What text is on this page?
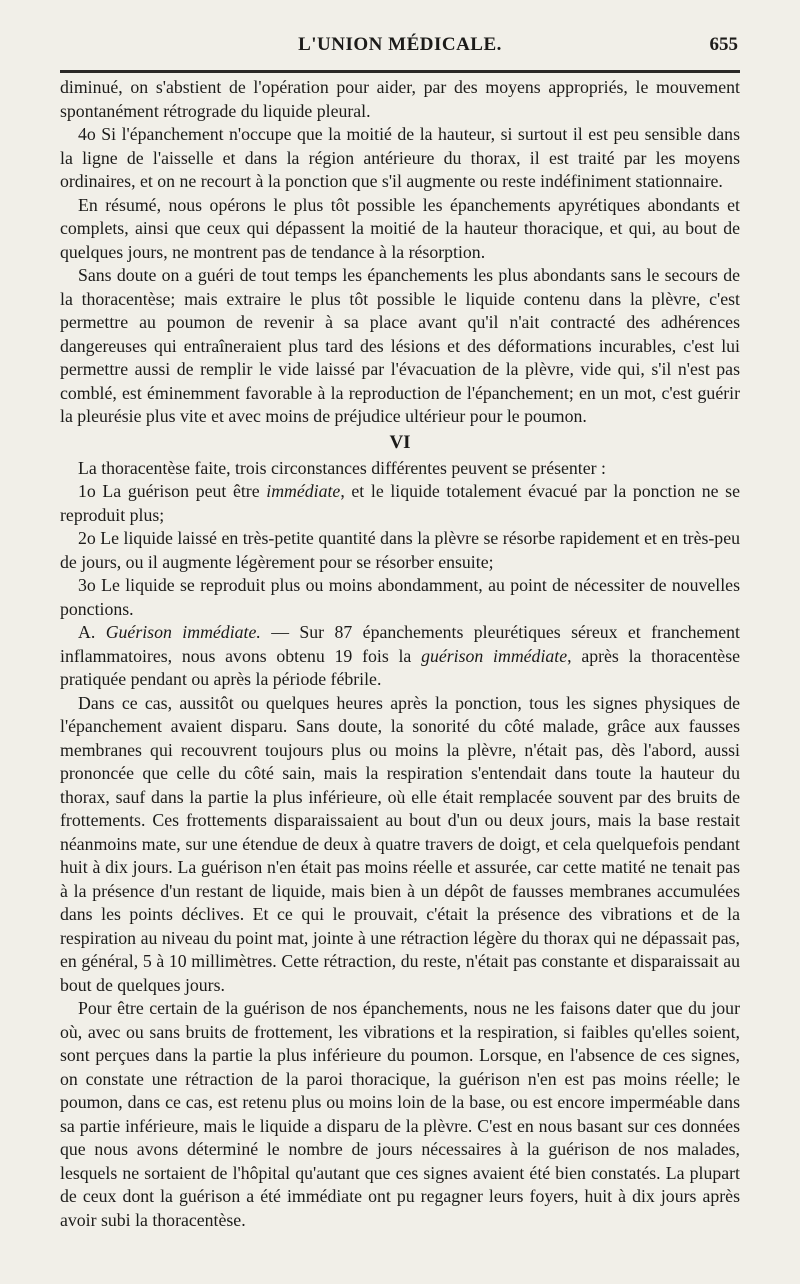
L'UNION MÉDICALE.	655

diminué, on s'abstient de l'opération pour aider, par des moyens appropriés, le mouvement spontanément rétrograde du liquide pleural.

4o Si l'épanchement n'occupe que la moitié de la hauteur, si surtout il est peu sensible dans la ligne de l'aisselle et dans la région antérieure du thorax, il est traité par les moyens ordinaires, et on ne recourt à la ponction que s'il augmente ou reste indéfiniment stationnaire.

En résumé, nous opérons le plus tôt possible les épanchements apyrétiques abondants et complets, ainsi que ceux qui dépassent la moitié de la hauteur thoracique, et qui, au bout de quelques jours, ne montrent pas de tendance à la résorption.

Sans doute on a guéri de tout temps les épanchements les plus abondants sans le secours de la thoracentèse; mais extraire le plus tôt possible le liquide contenu dans la plèvre, c'est permettre au poumon de revenir à sa place avant qu'il n'ait contracté des adhérences dangereuses qui entraîneraient plus tard des lésions et des déformations incurables, c'est lui permettre aussi de remplir le vide laissé par l'évacuation de la plèvre, vide qui, s'il n'est pas comblé, est éminemment favorable à la reproduction de l'épanchement; en un mot, c'est guérir la pleurésie plus vite et avec moins de préjudice ultérieur pour le poumon.

VI

La thoracentèse faite, trois circonstances différentes peuvent se présenter :

1o La guérison peut être immédiate, et le liquide totalement évacué par la ponction ne se reproduit plus;

2o Le liquide laissé en très-petite quantité dans la plèvre se résorbe rapidement et en très-peu de jours, ou il augmente légèrement pour se résorber ensuite;

3o Le liquide se reproduit plus ou moins abondamment, au point de nécessiter de nouvelles ponctions.

A. Guérison immédiate. — Sur 87 épanchements pleurétiques séreux et franchement inflammatoires, nous avons obtenu 19 fois la guérison immédiate, après la thoracentèse pratiquée pendant ou après la période fébrile.

Dans ce cas, aussitôt ou quelques heures après la ponction, tous les signes physiques de l'épanchement avaient disparu. Sans doute, la sonorité du côté malade, grâce aux fausses membranes qui recouvrent toujours plus ou moins la plèvre, n'était pas, dès l'abord, aussi prononcée que celle du côté sain, mais la respiration s'entendait dans toute la hauteur du thorax, sauf dans la partie la plus inférieure, où elle était remplacée souvent par des bruits de frottements. Ces frottements disparaissaient au bout d'un ou deux jours, mais la base restait néanmoins mate, sur une étendue de deux à quatre travers de doigt, et cela quelquefois pendant huit à dix jours. La guérison n'en était pas moins réelle et assurée, car cette matité ne tenait pas à la présence d'un restant de liquide, mais bien à un dépôt de fausses membranes accumulées dans les points déclives. Et ce qui le prouvait, c'était la présence des vibrations et de la respiration au niveau du point mat, jointe à une rétraction légère du thorax qui ne dépassait pas, en général, 5 à 10 millimètres. Cette rétraction, du reste, n'était pas constante et disparaissait au bout de quelques jours.

Pour être certain de la guérison de nos épanchements, nous ne les faisons dater que du jour où, avec ou sans bruits de frottement, les vibrations et la respiration, si faibles qu'elles soient, sont perçues dans la partie la plus inférieure du poumon. Lorsque, en l'absence de ces signes, on constate une rétraction de la paroi thoracique, la guérison n'en est pas moins réelle; le poumon, dans ce cas, est retenu plus ou moins loin de la base, ou est encore imperméable dans sa partie inférieure, mais le liquide a disparu de la plèvre. C'est en nous basant sur ces données que nous avons déterminé le nombre de jours nécessaires à la guérison de nos malades, lesquels ne sortaient de l'hôpital qu'autant que ces signes avaient été bien constatés. La plupart de ceux dont la guérison a été immédiate ont pu regagner leurs foyers, huit à dix jours après avoir subi la thoracentèse.
